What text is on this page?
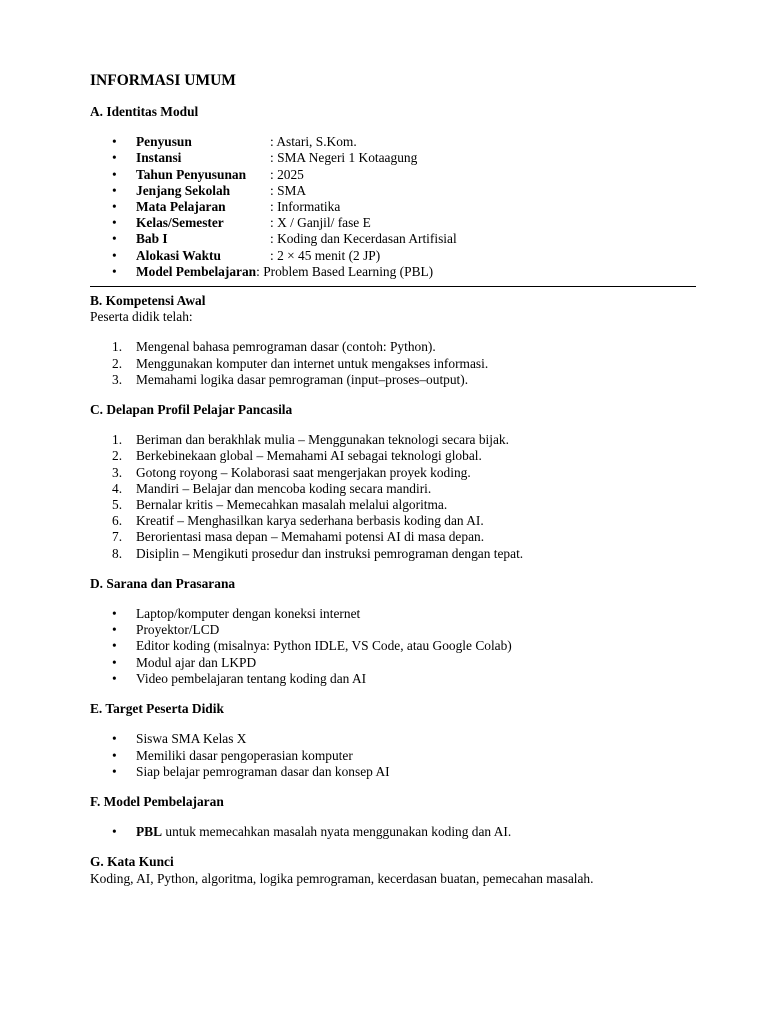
INFORMASI UMUM
A. Identitas Modul
• Penyusun	: Astari, S.Kom.
• Instansi	: SMA Negeri 1 Kotaagung
• Tahun Penyusunan : 2025
• Jenjang Sekolah	: SMA
• Mata Pelajaran	: Informatika
• Kelas/Semester	: X / Ganjil/ fase E
• Bab I	: Koding dan Kecerdasan Artifisial
• Alokasi Waktu	: 2 × 45 menit (2 JP)
• Model Pembelajaran: Problem Based Learning (PBL)
B. Kompetensi Awal
Peserta didik telah:
1. Mengenal bahasa pemrograman dasar (contoh: Python).
2. Menggunakan komputer dan internet untuk mengakses informasi.
3. Memahami logika dasar pemrograman (input–proses–output).
C. Delapan Profil Pelajar Pancasila
1. Beriman dan berakhlak mulia – Menggunakan teknologi secara bijak.
2. Berkebinekaan global – Memahami AI sebagai teknologi global.
3. Gotong royong – Kolaborasi saat mengerjakan proyek koding.
4. Mandiri – Belajar dan mencoba koding secara mandiri.
5. Bernalar kritis – Memecahkan masalah melalui algoritma.
6. Kreatif – Menghasilkan karya sederhana berbasis koding dan AI.
7. Berorientasi masa depan – Memahami potensi AI di masa depan.
8. Disiplin – Mengikuti prosedur dan instruksi pemrograman dengan tepat.
D. Sarana dan Prasarana
• Laptop/komputer dengan koneksi internet
• Proyektor/LCD
• Editor koding (misalnya: Python IDLE, VS Code, atau Google Colab)
• Modul ajar dan LKPD
• Video pembelajaran tentang koding dan AI
E. Target Peserta Didik
• Siswa SMA Kelas X
• Memiliki dasar pengoperasian komputer
• Siap belajar pemrograman dasar dan konsep AI
F. Model Pembelajaran
• PBL untuk memecahkan masalah nyata menggunakan koding dan AI.
G. Kata Kunci
Koding, AI, Python, algoritma, logika pemrograman, kecerdasan buatan, pemecahan masalah.
